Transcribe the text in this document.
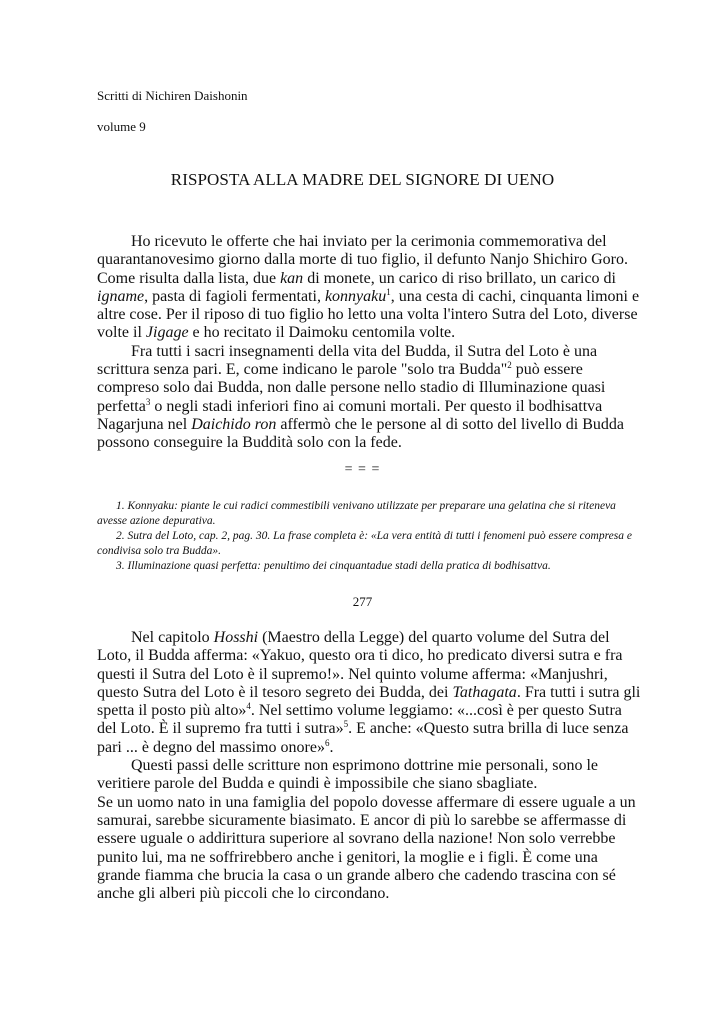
Scritti di Nichiren Daishonin
volume 9
RISPOSTA ALLA MADRE DEL SIGNORE DI UENO

Ho ricevuto le offerte che hai inviato per la cerimonia commemorativa del quarantanovesimo giorno dalla morte di tuo figlio, il defunto Nanjo Shichiro Goro. Come risulta dalla lista, due kan di monete, un carico di riso brillato, un carico di igname, pasta di fagioli fermentati, konnyaku$^1$, una cesta di cachi, cinquanta limoni e altre cose. Per il riposo di tuo figlio ho letto una volta l'intero Sutra del Loto, diverse volte il Jigage e ho recitato il Daimoku centomila volte.

Fra tutti i sacri insegnamenti della vita del Budda, il Sutra del Loto è una scrittura senza pari. E, come indicano le parole "solo tra Budda"$^2$ può essere compreso solo dai Budda, non dalle persone nello stadio di Illuminazione quasi perfetta$^3$ o negli stadi inferiori fino ai comuni mortali. Per questo il bodhisattva Nagarjuna nel Daichido ron affermò che le persone al di sotto del livello di Budda possono conseguire la Buddità solo con la fede.

= = =

1. Konnyaku: piante le cui radici commestibili venivano utilizzate per preparare una gelatina che si riteneva avesse azione depurativa.

2. Sutra del Loto, cap. 2, pag. 30. La frase completa è: «La vera entità di tutti i fenomeni può essere compresa e condivisa solo tra Budda».

3. Illuminazione quasi perfetta: penultimo dei cinquantadue stadi della pratica di bodhisattva.

277

Nel capitolo Hosshi (Maestro della Legge) del quarto volume del Sutra del Loto, il Budda afferma: «Yakuo, questo ora ti dico, ho predicato diversi sutra e fra questi il Sutra del Loto è il supremo!». Nel quinto volume afferma: «Manjushri, questo Sutra del Loto è il tesoro segreto dei Budda, dei Tathagata. Fra tutti i sutra gli spetta il posto più alto»$^4$. Nel settimo volume leggiamo: «...così è per questo Sutra del Loto. È il supremo fra tutti i sutra»$^5$. E anche: «Questo sutra brilla di luce senza pari ... è degno del massimo onore»$^6$.

Questi passi delle scritture non esprimono dottrine mie personali, sono le veritiere parole del Budda e quindi è impossibile che siano sbagliate.

Se un uomo nato in una famiglia del popolo dovesse affermare di essere uguale a un samurai, sarebbe sicuramente biasimato. E ancor di più lo sarebbe se affermasse di essere uguale o addirittura superiore al sovrano della nazione! Non solo verrebbe punito lui, ma ne soffrirebbero anche i genitori, la moglie e i figli. È come una grande fiamma che brucia la casa o un grande albero che cadendo trascina con sé anche gli alberi più piccoli che lo circondano.
